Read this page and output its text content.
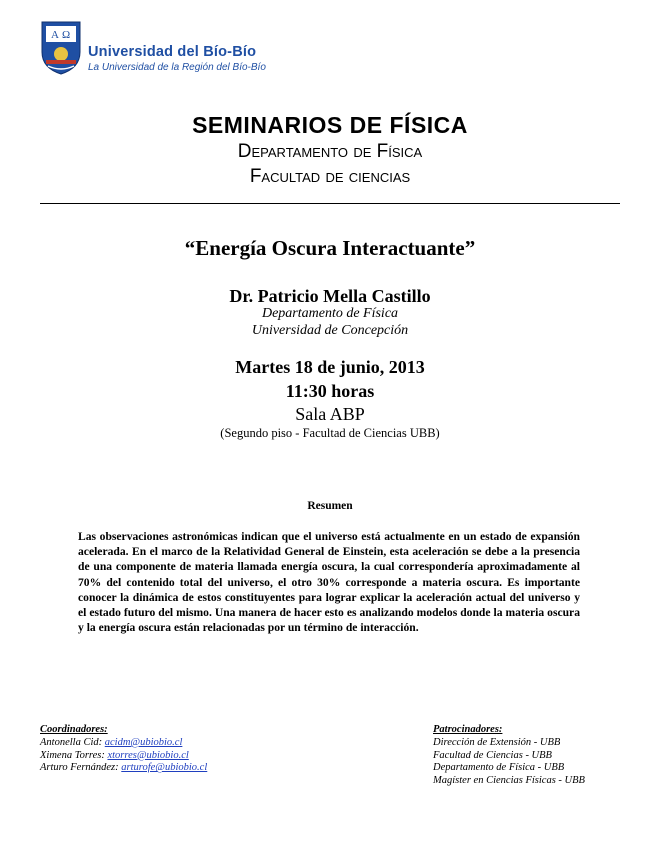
A Ω
Universidad del Bío-Bío
La Universidad de la Región del Bío-Bío
SEMINARIOS DE FÍSICA
Departamento de Física
Facultad de ciencias
“Energía Oscura Interactuante”
Dr. Patricio Mella Castillo
Departamento de Física
Universidad de Concepción
Martes 18 de junio, 2013
11:30 horas
Sala ABP
(Segundo piso - Facultad de Ciencias UBB)
Resumen
Las observaciones astronómicas indican que el universo está actualmente en un estado de expansión acelerada. En el marco de la Relatividad General de Einstein, esta aceleración se debe a la presencia de una componente de materia llamada energía oscura, la cual correspondería aproximadamente al 70% del contenido total del universo, el otro 30% corresponde a materia oscura. Es importante conocer la dinámica de estos constituyentes para lograr explicar la aceleración actual del universo y el estado futuro del mismo. Una manera de hacer esto es analizando modelos donde la materia oscura y la energía oscura están relacionadas por un término de interacción.
Coordinadores:
Antonella Cid: acidm@ubiobio.cl
Ximena Torres: xtorres@ubiobio.cl
Arturo Fernández: arturofe@ubiobio.cl
Patrocinadores:
Dirección de Extensión - UBB
Facultad de Ciencias - UBB
Departamento de Física - UBB
Magíster en Ciencias Físicas - UBB
